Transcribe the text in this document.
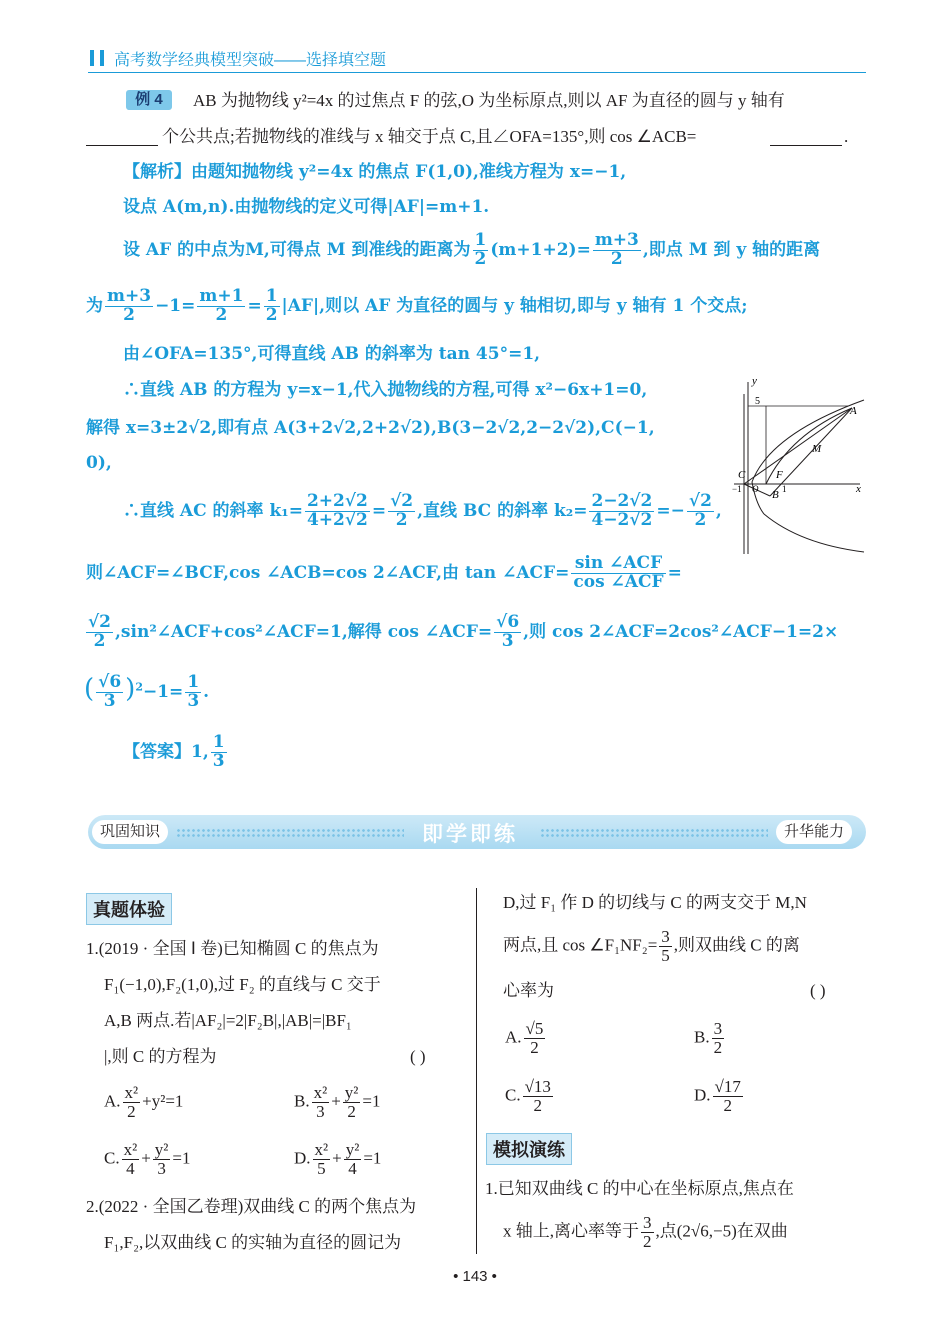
高考数学经典模型突破——选择填空题
例 4	AB 为抛物线 y²=4x 的过焦点 F 的弦,O 为坐标原点,则以 AF 为直径的圆与 y 轴有
个公共点;若抛物线的准线与 x 轴交于点 C,且∠OFA=135°,则 cos ∠ACB=	.
【解析】由题知抛物线 y²=4x 的焦点 F(1,0),准线方程为 x=−1,
设点 A(m,n).由抛物线的定义可得|AF|=m+1.
设 AF 的中点为M,可得点 M 到准线的距离为 $\frac{1}{2} (m+1+2)= \frac{m+3}{2}$ ,即点 M 到 y 轴的距离
为 $\frac{m+3}{2} -1= \frac{m+1}{2} = \frac{1}{2} |AF|$,则以 AF 为直径的圆与 y 轴相切,即与 y 轴有 1 个交点;
由∠OFA=135°,可得直线 AB 的斜率为 tan 45°=1,
∴直线 AB 的方程为 y=x−1,代入抛物线的方程,可得 x²−6x+1=0,
解得 x=3±2√2,即有点 A(3+2√2,2+2√2),B(3−2√2,2−2√2),C(−1,
0),
∴直线 AC 的斜率 $k_1= \frac{2+2√2}{4+2√2} = \frac{√2}{2}$ ,直线 BC 的斜率 $k_2= \frac{2-2√2}{4-2√2} =- \frac{√2}{2}$ ,
则∠ACF=∠BCF,cos ∠ACB=cos 2∠ACF,由 tan ∠ACF= $\frac{\text{sin ∠ACF}}{\text{cos ∠ACF}}$ =
$\frac{√2}{2}$ ,sin²∠ACF+cos²∠ACF=1,解得 cos ∠ACF= $\frac{√6}{3}$ ,则 cos 2∠ACF=2cos²∠ACF−1=2×
( $\frac{√6}{3} )^2-1= \frac{1}{3}$ .
【答案】1, $\frac{1}{3}$
y
x
5
−1	1
A
M
C	F
O B
巩固知识	即学即练	升华能力
真题体验
1.(2019 · 全国 Ⅰ 卷)已知椭圆 C 的焦点为
F₁(−1,0),F₂(1,0),过 F₂ 的直线与 C 交于
A,B 两点.若|AF₂|=2|F₂B|,|AB|=|BF₁
|,则 C 的方程为	( )
A. $\frac{\text{x²}}{2} +y^2=1$	B. $\frac{\text{x²}}{3} + \frac{\text{y²}}{2} =1$
C. $\frac{\text{x²}}{4} + \frac{\text{y²}}{3} =1$	D. $\frac{\text{x²}}{5} + \frac{\text{y²}}{4} =1$
2.(2022 · 全国乙卷理)双曲线 C 的两个焦点为
F₁,F₂,以双曲线 C 的实轴为直径的圆记为
D,过 F₁ 作 D 的切线与 C 的两支交于 M,N
两点,且 cos ∠F₁NF₂= $\frac{3}{5}$ ,则双曲线 C 的离
心率为	( )
A. $\frac{√5}{2}$	B. $\frac{3}{2}$
C. $\frac{√13}{2}$	D. $\frac{√17}{2}$
模拟演练
1.已知双曲线 C 的中心在坐标原点,焦点在
x 轴上,离心率等于 $\frac{3}{2}$ ,点(2√6,−5)在双曲
• 143 •
